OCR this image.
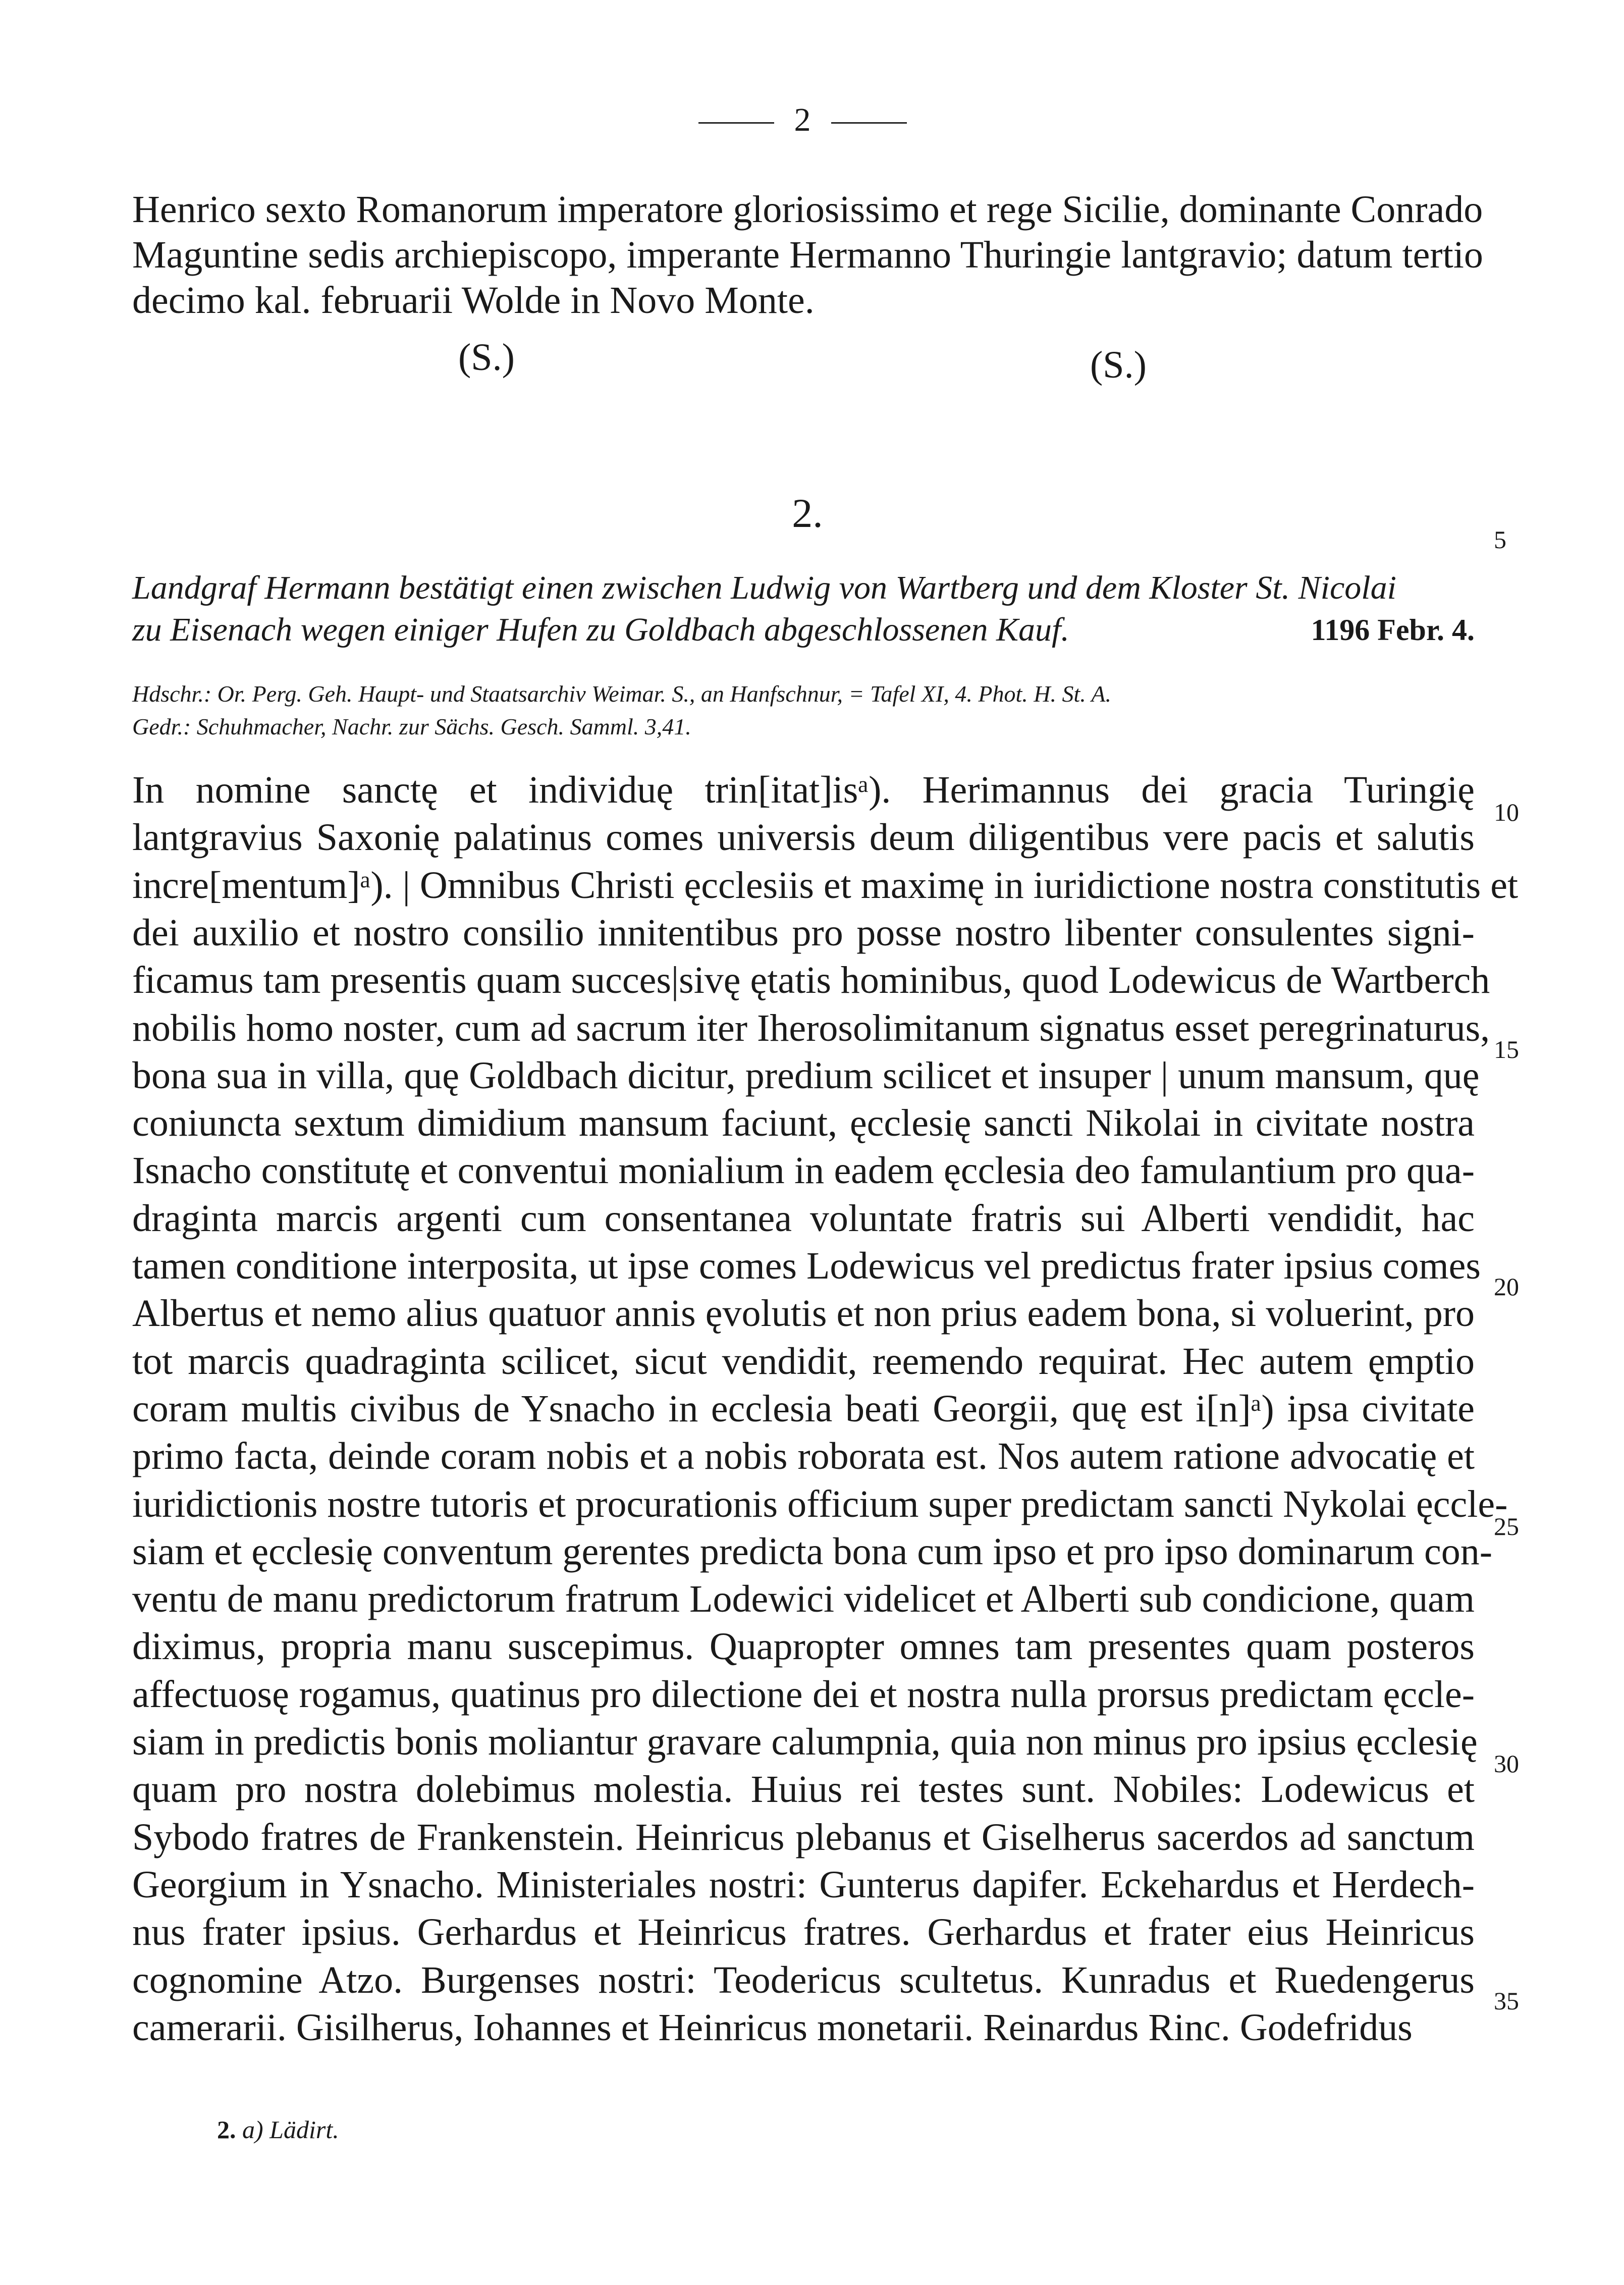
2
Henrico sexto Romanorum imperatore gloriosissimo et rege Sicilie, dominante Conrado
Maguntine sedis archiepiscopo, imperante Hermanno Thuringie lantgravio; datum tertio
decimo kal. februarii Wolde in Novo Monte.
(S.)	(S.)
2.
5
Landgraf Hermann bestätigt einen zwischen Ludwig von Wartberg und dem Kloster St. Nicolai
zu Eisenach wegen einiger Hufen zu Goldbach abgeschlossenen Kauf.	1196 Febr. 4.
Hdschr.: Or. Perg. Geh. Haupt- und Staatsarchiv Weimar. S., an Hanfschnur, = Tafel XI, 4. Phot. H. St. A.
Gedr.: Schuhmacher, Nachr. zur Sächs. Gesch. Samml. 3,41.
In nomine sanctę et individuę trin[itat]isᵃ). Herimannus dei gracia Turingię
lantgravius Saxonię palatinus comes universis deum diligentibus vere pacis et salutis
incre[mentum]ᵃ). | Omnibus Christi ęcclesiis et maximę in iuridictione nostra constitutis et
dei auxilio et nostro consilio innitentibus pro posse nostro libenter consulentes signi-
ficamus tam presentis quam succes|sivę ętatis hominibus, quod Lodewicus de Wartberch
nobilis homo noster, cum ad sacrum iter Iherosolimitanum signatus esset peregrinaturus,
bona sua in villa, quę Goldbach dicitur, predium scilicet et insuper | unum mansum, quę
coniuncta sextum dimidium mansum faciunt, ęcclesię sancti Nikolai in civitate nostra
Isnacho constitutę et conventui monialium in eadem ęcclesia deo famulantium pro qua-
draginta marcis argenti cum consentanea voluntate fratris sui Alberti vendidit, hac
tamen conditione interposita, ut ipse comes Lodewicus vel predictus frater ipsius comes
Albertus et nemo alius quatuor annis ęvolutis et non prius eadem bona, si voluerint, pro
tot marcis quadraginta scilicet, sicut vendidit, reemendo requirat. Hec autem ęmptio
coram multis civibus de Ysnacho in ecclesia beati Georgii, quę est i[n]ᵃ) ipsa civitate
primo facta, deinde coram nobis et a nobis roborata est. Nos autem ratione advocatię et
iuridictionis nostre tutoris et procurationis officium super predictam sancti Nykolai ęccle-
siam et ęcclesię conventum gerentes predicta bona cum ipso et pro ipso dominarum con-
ventu de manu predictorum fratrum Lodewici videlicet et Alberti sub condicione, quam
diximus, propria manu suscepimus. Quapropter omnes tam presentes quam posteros
affectuosę rogamus, quatinus pro dilectione dei et nostra nulla prorsus predictam ęccle-
siam in predictis bonis moliantur gravare calumpnia, quia non minus pro ipsius ęcclesię
quam pro nostra dolebimus molestia. Huius rei testes sunt. Nobiles: Lodewicus et
Sybodo fratres de Frankenstein. Heinricus plebanus et Giselherus sacerdos ad sanctum
Georgium in Ysnacho. Ministeriales nostri: Gunterus dapifer. Eckehardus et Herdech-
nus frater ipsius. Gerhardus et Heinricus fratres. Gerhardus et frater eius Heinricus
cognomine Atzo. Burgenses nostri: Teodericus scultetus. Kunradus et Ruedengerus
camerarii. Gisilherus, Iohannes et Heinricus monetarii. Reinardus Rinc. Godefridus
10
15
20
25
30
35
2. a) Lädirt.
